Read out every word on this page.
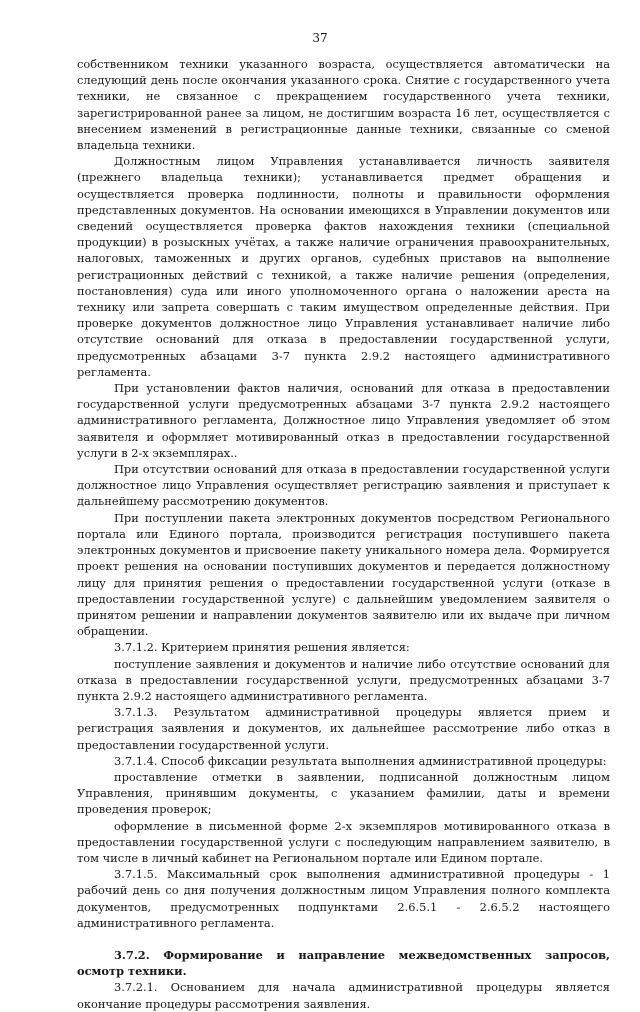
37

собственником техники указанного возраста, осуществляется автоматически на следующий день после окончания указанного срока. Снятие с государственного учета техники, не связанное с прекращением государственного учета техники, зарегистрированной ранее за лицом, не достигшим возраста 16 лет, осуществляется с внесением изменений в регистрационные данные техники, связанные со сменой владельца техники.

Должностным лицом Управления устанавливается личность заявителя (прежнего владельца техники); устанавливается предмет обращения и осуществляется проверка подлинности, полноты и правильности оформления представленных документов. На основании имеющихся в Управлении документов или сведений осуществляется проверка фактов нахождения техники (специальной продукции) в розыскных учётах, а также наличие ограничения правоохранительных, налоговых, таможенных и других органов, судебных приставов на выполнение регистрационных действий с техникой, а также наличие решения (определения, постановления) суда или иного уполномоченного органа о наложении ареста на технику или запрета совершать с таким имуществом определенные действия. При проверке документов должностное лицо Управления устанавливает наличие либо отсутствие оснований для отказа в предоставлении государственной услуги, предусмотренных абзацами 3-7 пункта 2.9.2 настоящего административного регламента.

При установлении фактов наличия, оснований для отказа в предоставлении государственной услуги предусмотренных абзацами 3-7 пункта 2.9.2 настоящего административного регламента, Должностное лицо Управления уведомляет об этом заявителя и оформляет мотивированный отказ в предоставлении государственной услуги в 2-х экземплярах..

При отсутствии оснований для отказа в предоставлении государственной услуги должностное лицо Управления осуществляет регистрацию заявления и приступает к дальнейшему рассмотрению документов.

При поступлении пакета электронных документов посредством Регионального портала или Единого портала, производится регистрация поступившего пакета электронных документов и присвоение пакету уникального номера дела. Формируется проект решения на основании поступивших документов и передается должностному лицу для принятия решения о предоставлении государственной услуги (отказе в предоставлении государственной услуге) с дальнейшим уведомлением заявителя о принятом решении и направлении документов заявителю или их выдаче при личном обращении.

3.7.1.2. Критерием принятия решения является:

поступление заявления и документов и наличие либо отсутствие оснований для отказа в предоставлении государственной услуги, предусмотренных абзацами 3-7 пункта 2.9.2 настоящего административного регламента.

3.7.1.3. Результатом административной процедуры является прием и регистрация заявления и документов, их дальнейшее рассмотрение либо отказ в предоставлении государственной услуги.

3.7.1.4. Способ фиксации результата выполнения административной процедуры:

проставление отметки в заявлении, подписанной должностным лицом Управления, принявшим документы, с указанием фамилии, даты и времени проведения проверок;

оформление в письменной форме 2-х экземпляров мотивированного отказа в предоставлении государственной услуги с последующим направлением заявителю, в том числе в личный кабинет на Региональном портале или Едином портале.

3.7.1.5. Максимальный срок выполнения административной процедуры - 1 рабочий день со дня получения должностным лицом Управления полного комплекта документов, предусмотренных подпунктами 2.6.5.1 - 2.6.5.2 настоящего административного регламента.

3.7.2. Формирование и направление межведомственных запросов, осмотр техники.

3.7.2.1. Основанием для начала административной процедуры является окончание процедуры рассмотрения заявления.
